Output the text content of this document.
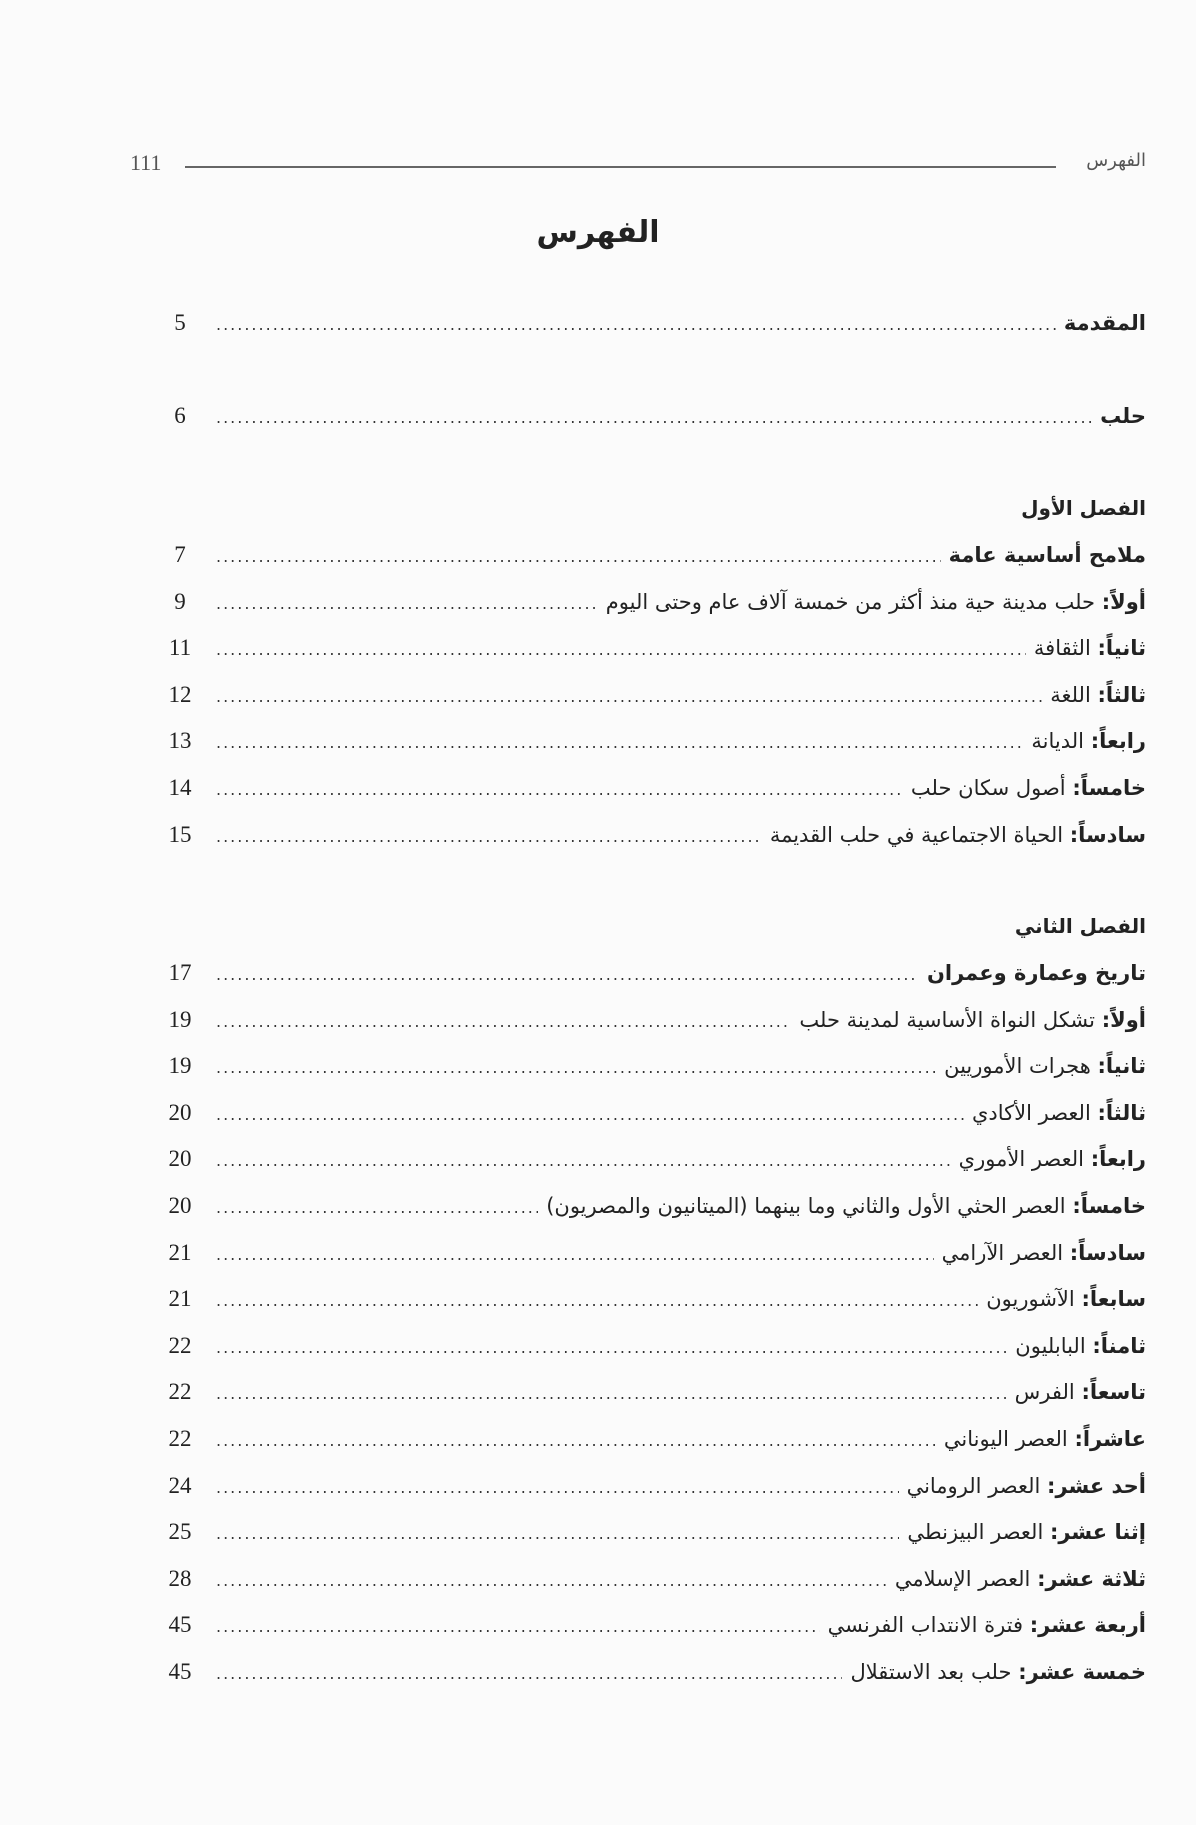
111	الفهرس
الفهرس
المقدمة
.....
5
حلب
.....
6
الفصل الأول
ملامح أساسية عامة
.....
7
أولاً: حلب مدينة حية منذ أكثر من خمسة آلاف عام وحتى اليوم
.....
9
ثانياً: الثقافة
.....
11
ثالثاً: اللغة
.....
12
رابعاً: الديانة
.....
13
خامساً: أصول سكان حلب
.....
14
سادساً: الحياة الاجتماعية في حلب القديمة
.....
15
الفصل الثاني
تاريخ وعمارة وعمران
.....
17
أولاً: تشكل النواة الأساسية لمدينة حلب
.....
19
ثانياً: هجرات الأموريين
.....
19
ثالثاً: العصر الأكادي
.....
20
رابعاً: العصر الأموري
.....
20
خامساً: العصر الحثي الأول والثاني وما بينهما (الميتانيون والمصريون)
.....
20
سادساً: العصر الآرامي
.....
21
سابعاً: الآشوريون
.....
21
ثامناً: البابليون
.....
22
تاسعاً: الفرس
.....
22
عاشراً: العصر اليوناني
.....
22
أحد عشر: العصر الروماني
.....
24
إثنا عشر: العصر البيزنطي
.....
25
ثلاثة عشر: العصر الإسلامي
.....
28
أربعة عشر: فترة الانتداب الفرنسي
.....
45
خمسة عشر: حلب بعد الاستقلال
.....
45
